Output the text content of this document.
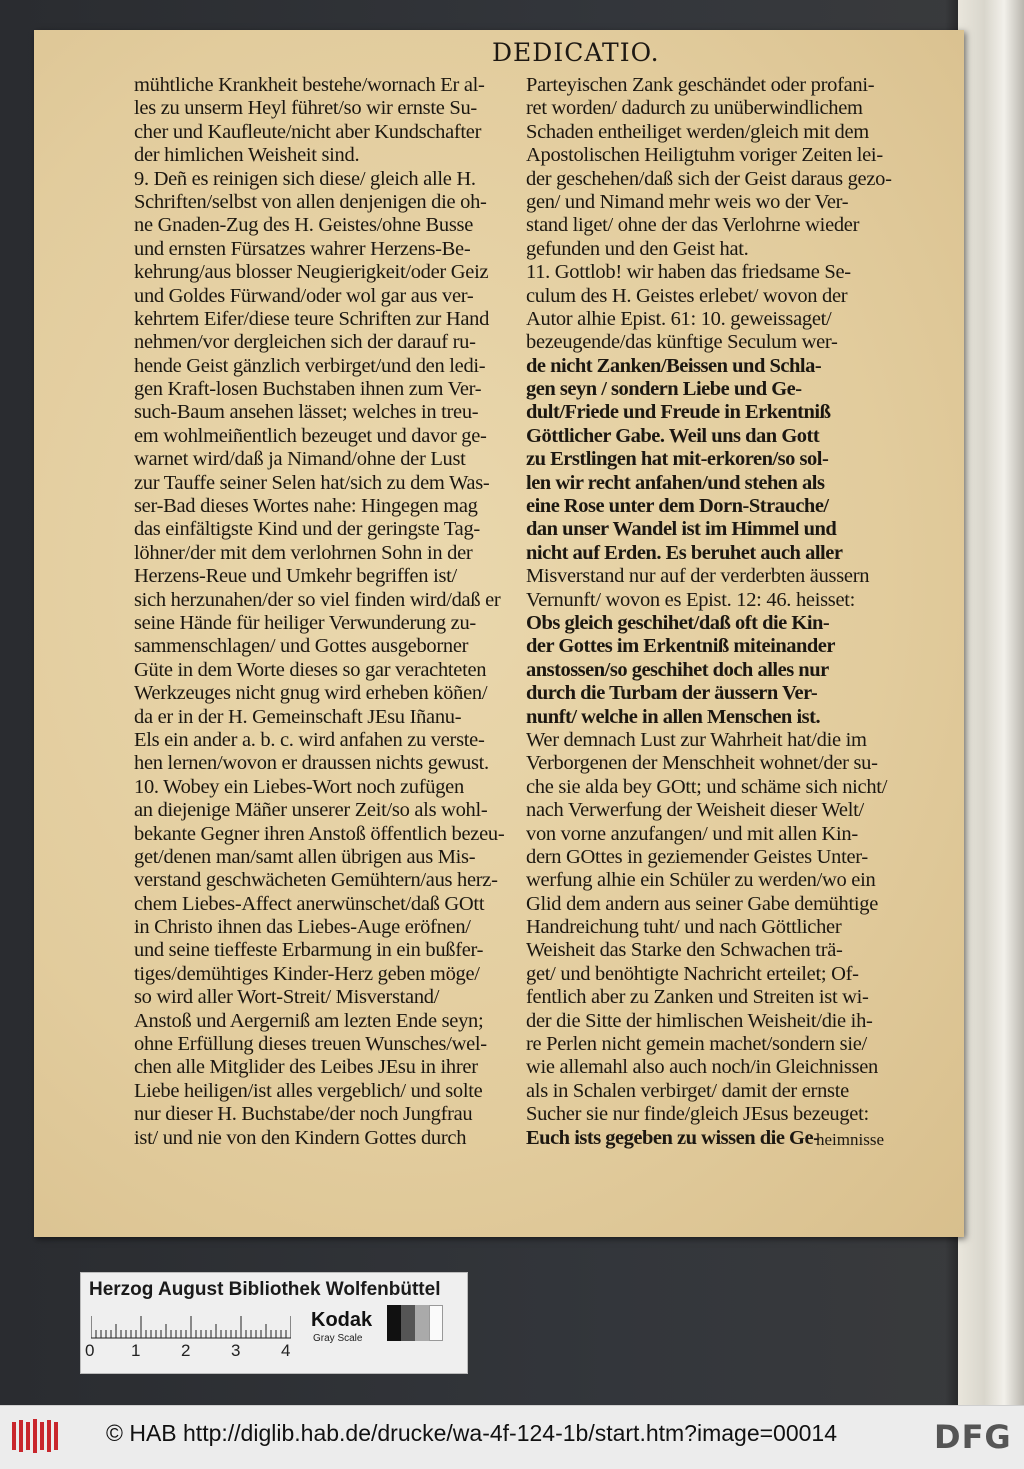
DEDICATIO.
mühtliche Krankheit bestehe/wornach Er al-
les zu unserm Heyl führet/so wir ernste Su-
cher und Kaufleute/nicht aber Kundschafter
der himlichen Weisheit sind.
9. Deñ es reinigen sich diese/ gleich alle H.
Schriften/selbst von allen denjenigen die oh-
ne Gnaden-Zug des H. Geistes/ohne Busse
und ernsten Fürsatzes wahrer Herzens-Be-
kehrung/aus blosser Neugierigkeit/oder Geiz
und Goldes Fürwand/oder wol gar aus ver-
kehrtem Eifer/diese teure Schriften zur Hand
nehmen/vor dergleichen sich der darauf ru-
hende Geist gänzlich verbirget/und den ledi-
gen Kraft-losen Buchstaben ihnen zum Ver-
such-Baum ansehen lässet; welches in treu-
em wohlmeiñentlich bezeuget und davor ge-
warnet wird/daß ja Nimand/ohne der Lust
zur Tauffe seiner Selen hat/sich zu dem Was-
ser-Bad dieses Wortes nahe: Hingegen mag
das einfältigste Kind und der geringste Tag-
löhner/der mit dem verlohrnen Sohn in der
Herzens-Reue und Umkehr begriffen ist/
sich herzunahen/der so viel finden wird/daß er
seine Hände für heiliger Verwunderung zu-
sammenschlagen/ und Gottes ausgeborner
Güte in dem Worte dieses so gar verachteten
Werkzeuges nicht gnug wird erheben köñen/
da er in der H. Gemeinschaft JEsu Iñanu-
Els ein ander a. b. c. wird anfahen zu verste-
hen lernen/wovon er draussen nichts gewust.
10. Wobey ein Liebes-Wort noch zufügen
an diejenige Mäñer unserer Zeit/so als wohl-
bekante Gegner ihren Anstoß öffentlich bezeu-
get/denen man/samt allen übrigen aus Mis-
verstand geschwächeten Gemühtern/aus herz-
chem Liebes-Affect anerwünschet/daß GOtt
in Christo ihnen das Liebes-Auge eröfnen/
und seine tieffeste Erbarmung in ein bußfer-
tiges/demühtiges Kinder-Herz geben möge/
so wird aller Wort-Streit/ Misverstand/
Anstoß und Aergerniß am lezten Ende seyn;
ohne Erfüllung dieses treuen Wunsches/wel-
chen alle Mitglider des Leibes JEsu in ihrer
Liebe heiligen/ist alles vergeblich/ und solte
nur dieser H. Buchstabe/der noch Jungfrau
ist/ und nie von den Kindern Gottes durch
Parteyischen Zank geschändet oder profani-
ret worden/ dadurch zu unüberwindlichem
Schaden entheiliget werden/gleich mit dem
Apostolischen Heiligtuhm voriger Zeiten lei-
der geschehen/daß sich der Geist daraus gezo-
gen/ und Nimand mehr weis wo der Ver-
stand liget/ ohne der das Verlohrne wieder
gefunden und den Geist hat.
11. Gottlob! wir haben das friedsame Se-
culum des H. Geistes erlebet/ wovon der
Autor alhie Epist. 61: 10. geweissaget/
bezeugende/das künftige Seculum wer-
de nicht Zanken/Beissen und Schla-
gen seyn / sondern Liebe und Ge-
dult/Friede und Freude in Erkentniß
Göttlicher Gabe. Weil uns dan Gott
zu Erstlingen hat mit-erkoren/so sol-
len wir recht anfahen/und stehen als
eine Rose unter dem Dorn-Strauche/
dan unser Wandel ist im Himmel und
nicht auf Erden. Es beruhet auch aller
Misverstand nur auf der verderbten äussern
Vernunft/ wovon es Epist. 12: 46. heisset:
Obs gleich geschihet/daß oft die Kin-
der Gottes im Erkentniß miteinander
anstossen/so geschihet doch alles nur
durch die Turbam der äussern Ver-
nunft/ welche in allen Menschen ist.
Wer demnach Lust zur Wahrheit hat/die im
Verborgenen der Menschheit wohnet/der su-
che sie alda bey GOtt; und schäme sich nicht/
nach Verwerfung der Weisheit dieser Welt/
von vorne anzufangen/ und mit allen Kin-
dern GOttes in geziemender Geistes Unter-
werfung alhie ein Schüler zu werden/wo ein
Glid dem andern aus seiner Gabe demühtige
Handreichung tuht/ und nach Göttlicher
Weisheit das Starke den Schwachen trä-
get/ und benöhtigte Nachricht erteilet; Of-
fentlich aber zu Zanken und Streiten ist wi-
der die Sitte der himlischen Weisheit/die ih-
re Perlen nicht gemein machet/sondern sie/
wie allemahl also auch noch/in Gleichnissen
als in Schalen verbirget/ damit der ernste
Sucher sie nur finde/gleich JEsus bezeuget:
Euch ists gegeben zu wissen die Ge-
heimnisse
Herzog August Bibliothek Wolfenbüttel
0 1 2 3 4
Kodak
Gray Scale
© HAB http://diglib.hab.de/drucke/wa-4f-124-1b/start.htm?image=00014	DFG
